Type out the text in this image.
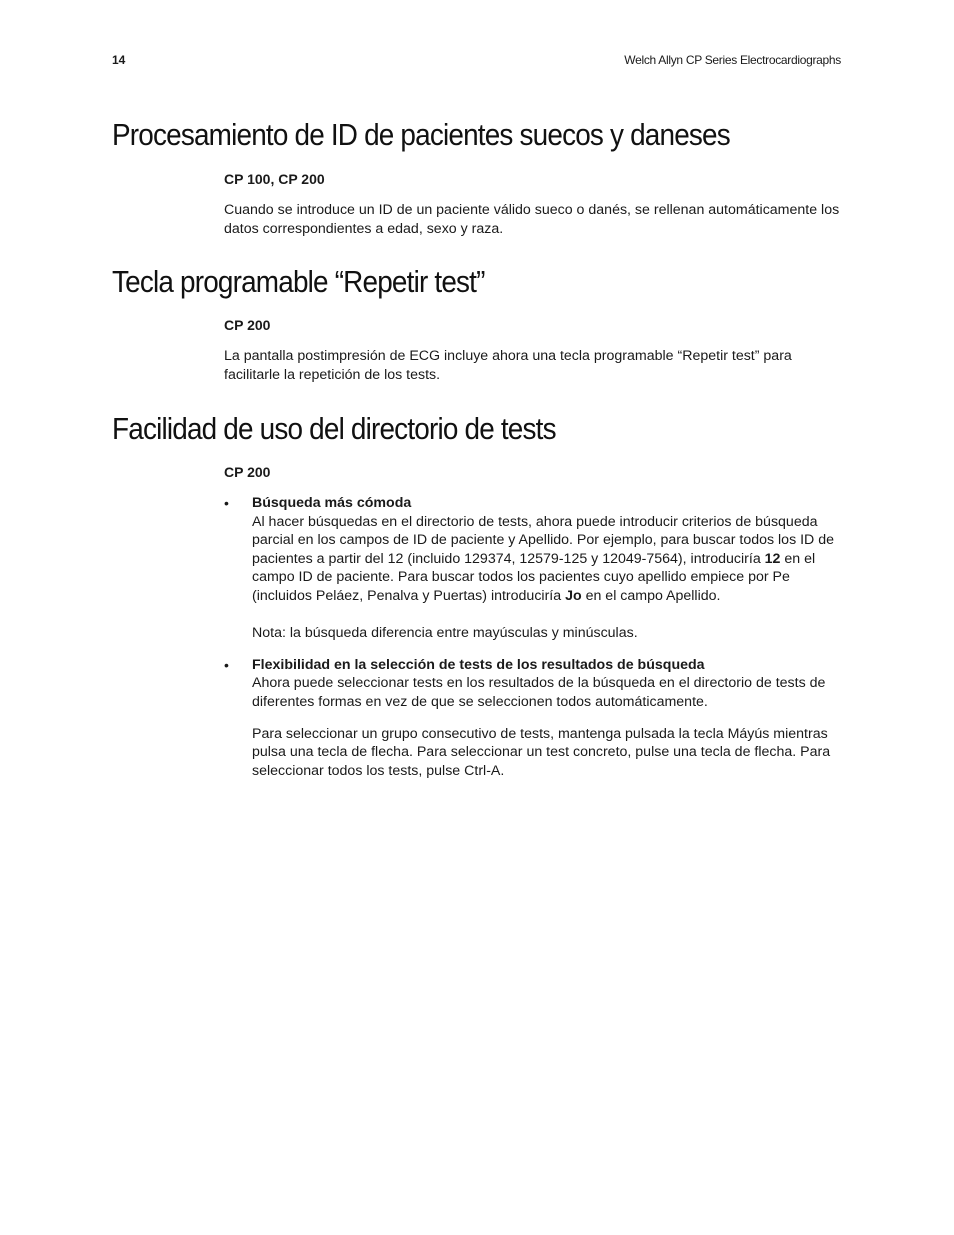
14	Welch Allyn CP Series Electrocardiographs
Procesamiento de ID de pacientes suecos y daneses
CP 100, CP 200
Cuando se introduce un ID de un paciente válido sueco o danés, se rellenan automáticamente los datos correspondientes a edad, sexo y raza.
Tecla programable “Repetir test”
CP 200
La pantalla postimpresión de ECG incluye ahora una tecla programable “Repetir test” para facilitarle la repetición de los tests.
Facilidad de uso del directorio de tests
CP 200
• Búsqueda más cómoda
Al hacer búsquedas en el directorio de tests, ahora puede introducir criterios de búsqueda parcial en los campos de ID de paciente y Apellido. Por ejemplo, para buscar todos los ID de pacientes a partir del 12 (incluido 129374, 12579-125 y 12049-7564), introduciría 12 en el campo ID de paciente. Para buscar todos los pacientes cuyo apellido empiece por Pe (incluidos Peláez, Penalva y Puertas) introduciría Jo en el campo Apellido.
Nota: la búsqueda diferencia entre mayúsculas y minúsculas.
• Flexibilidad en la selección de tests de los resultados de búsqueda
Ahora puede seleccionar tests en los resultados de la búsqueda en el directorio de tests de diferentes formas en vez de que se seleccionen todos automáticamente.
Para seleccionar un grupo consecutivo de tests, mantenga pulsada la tecla Máyús mientras pulsa una tecla de flecha. Para seleccionar un test concreto, pulse una tecla de flecha. Para seleccionar todos los tests, pulse Ctrl-A.
